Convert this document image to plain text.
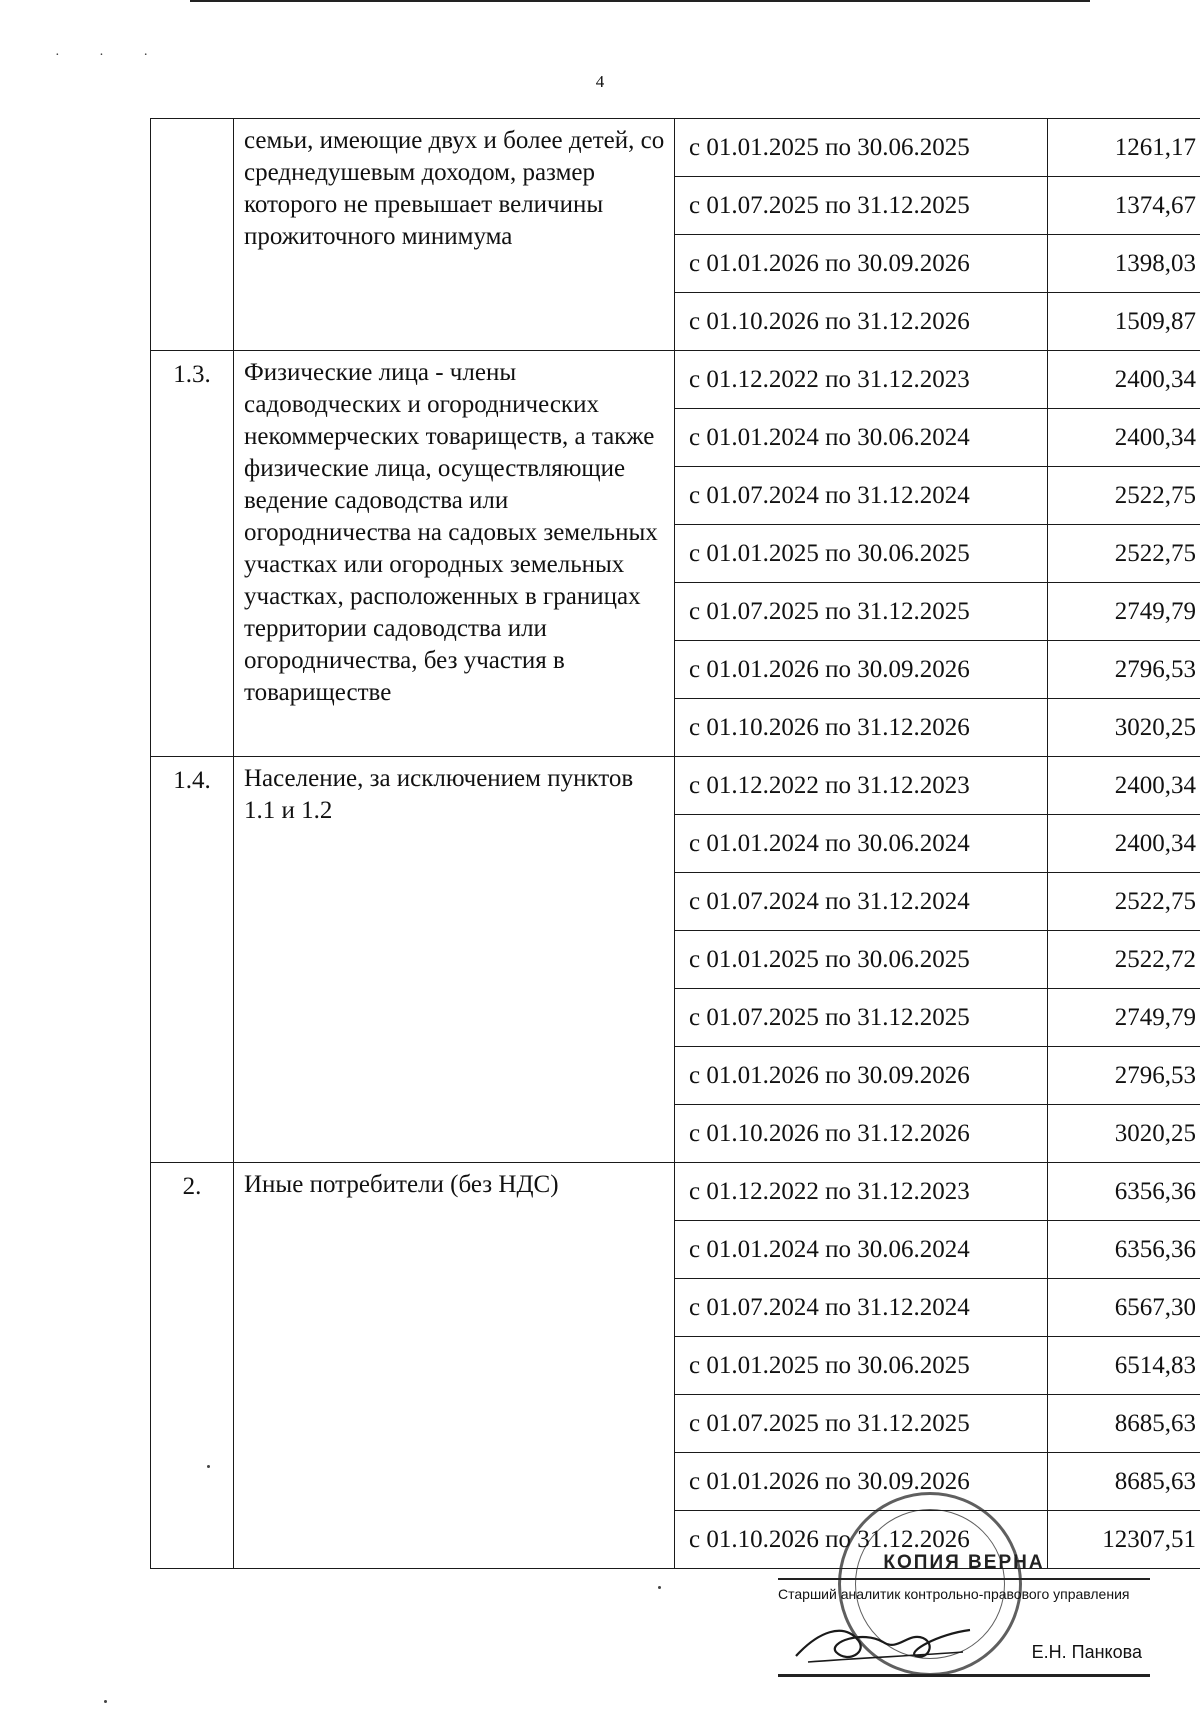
· · ·
4
	семьи, имеющие двух и более детей, со среднедушевым доходом, размер которого не превышает величины прожиточного минимума	с 01.01.2025 по 30.06.2025	1261,17
		с 01.07.2025 по 31.12.2025	1374,67
		с 01.01.2026 по 30.09.2026	1398,03
		с 01.10.2026 по 31.12.2026	1509,87
1.3.	Физические лица - члены садоводческих и огороднических некоммерческих товариществ, а также физические лица, осуществляющие ведение садоводства или огородничества на садовых земельных участках или огородных земельных участках, расположенных в границах территории садоводства или огородничества, без участия в товариществе	с 01.12.2022 по 31.12.2023	2400,34
		с 01.01.2024 по 30.06.2024	2400,34
		с 01.07.2024 по 31.12.2024	2522,75
		с 01.01.2025 по 30.06.2025	2522,75
		с 01.07.2025 по 31.12.2025	2749,79
		с 01.01.2026 по 30.09.2026	2796,53
		с 01.10.2026 по 31.12.2026	3020,25
1.4.	Население, за исключением пунктов 1.1 и 1.2	с 01.12.2022 по 31.12.2023	2400,34
		с 01.01.2024 по 30.06.2024	2400,34
		с 01.07.2024 по 31.12.2024	2522,75
		с 01.01.2025 по 30.06.2025	2522,72
		с 01.07.2025 по 31.12.2025	2749,79
		с 01.01.2026 по 30.09.2026	2796,53
		с 01.10.2026 по 31.12.2026	3020,25
2.	Иные потребители (без НДС)	с 01.12.2022 по 31.12.2023	6356,36
		с 01.01.2024 по 30.06.2024	6356,36
		с 01.07.2024 по 31.12.2024	6567,30
		с 01.01.2025 по 30.06.2025	6514,83
		с 01.07.2025 по 31.12.2025	8685,63
		с 01.01.2026 по 30.09.2026	8685,63
		с 01.10.2026 по 31.12.2026	12307,51
КОПИЯ ВЕРНА
Старший аналитик контрольно-правового управления
Е.Н. Панкова
